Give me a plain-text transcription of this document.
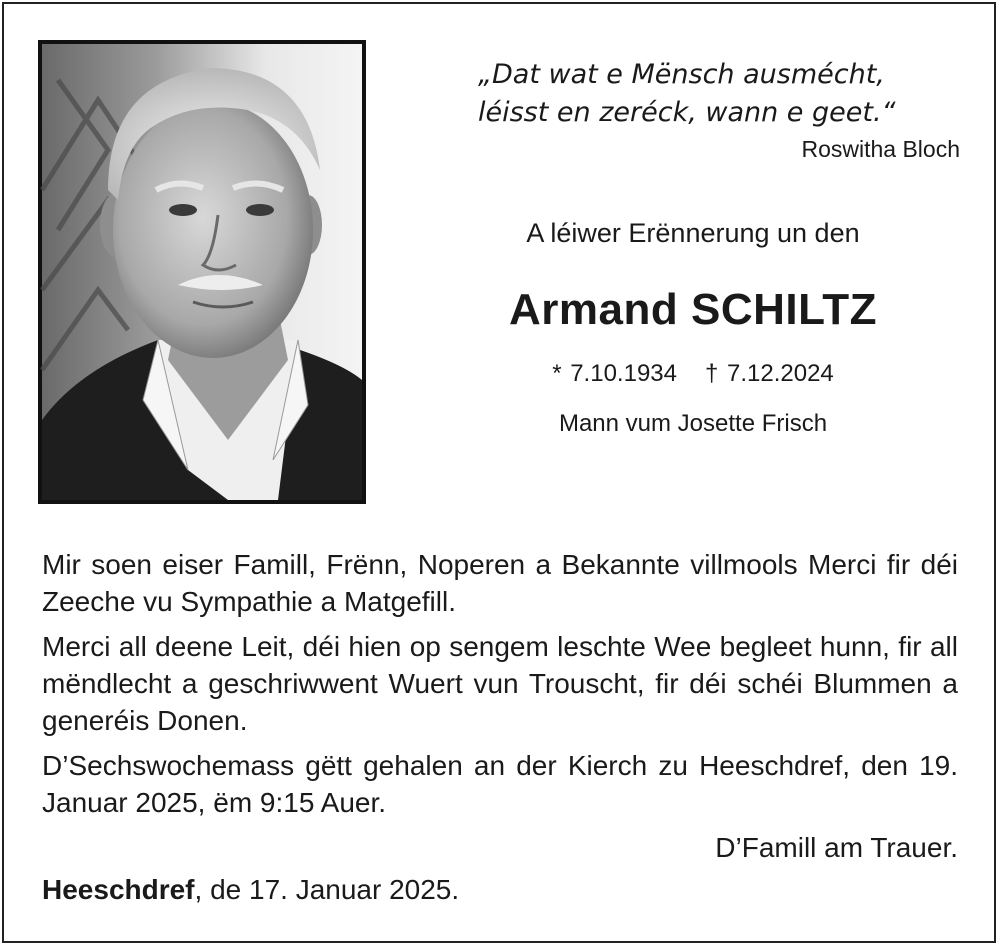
„Dat wat e Mënsch ausmécht,
léisst en zeréck, wann e geet.“
Roswitha Bloch
A léiwer Erënnerung un den
Armand SCHILTZ
* 7.10.1934 † 7.12.2024
Mann vum Josette Frisch

Mir soen eiser Famill, Frënn, Noperen a Bekannte villmools Merci fir déi Zeeche vu Sympathie a Matgefill.

Merci all deene Leit, déi hien op sengem leschte Wee begleet hunn, fir all mëndlecht a geschriwwent Wuert vun Trouscht, fir déi schéi Blummen a generéis Donen.

D’Sechswochemass gëtt gehalen an der Kierch zu Heeschdref, den 19. Januar 2025, ëm 9:15 Auer.

D’Famill am Trauer.

Heeschdref, de 17. Januar 2025.
